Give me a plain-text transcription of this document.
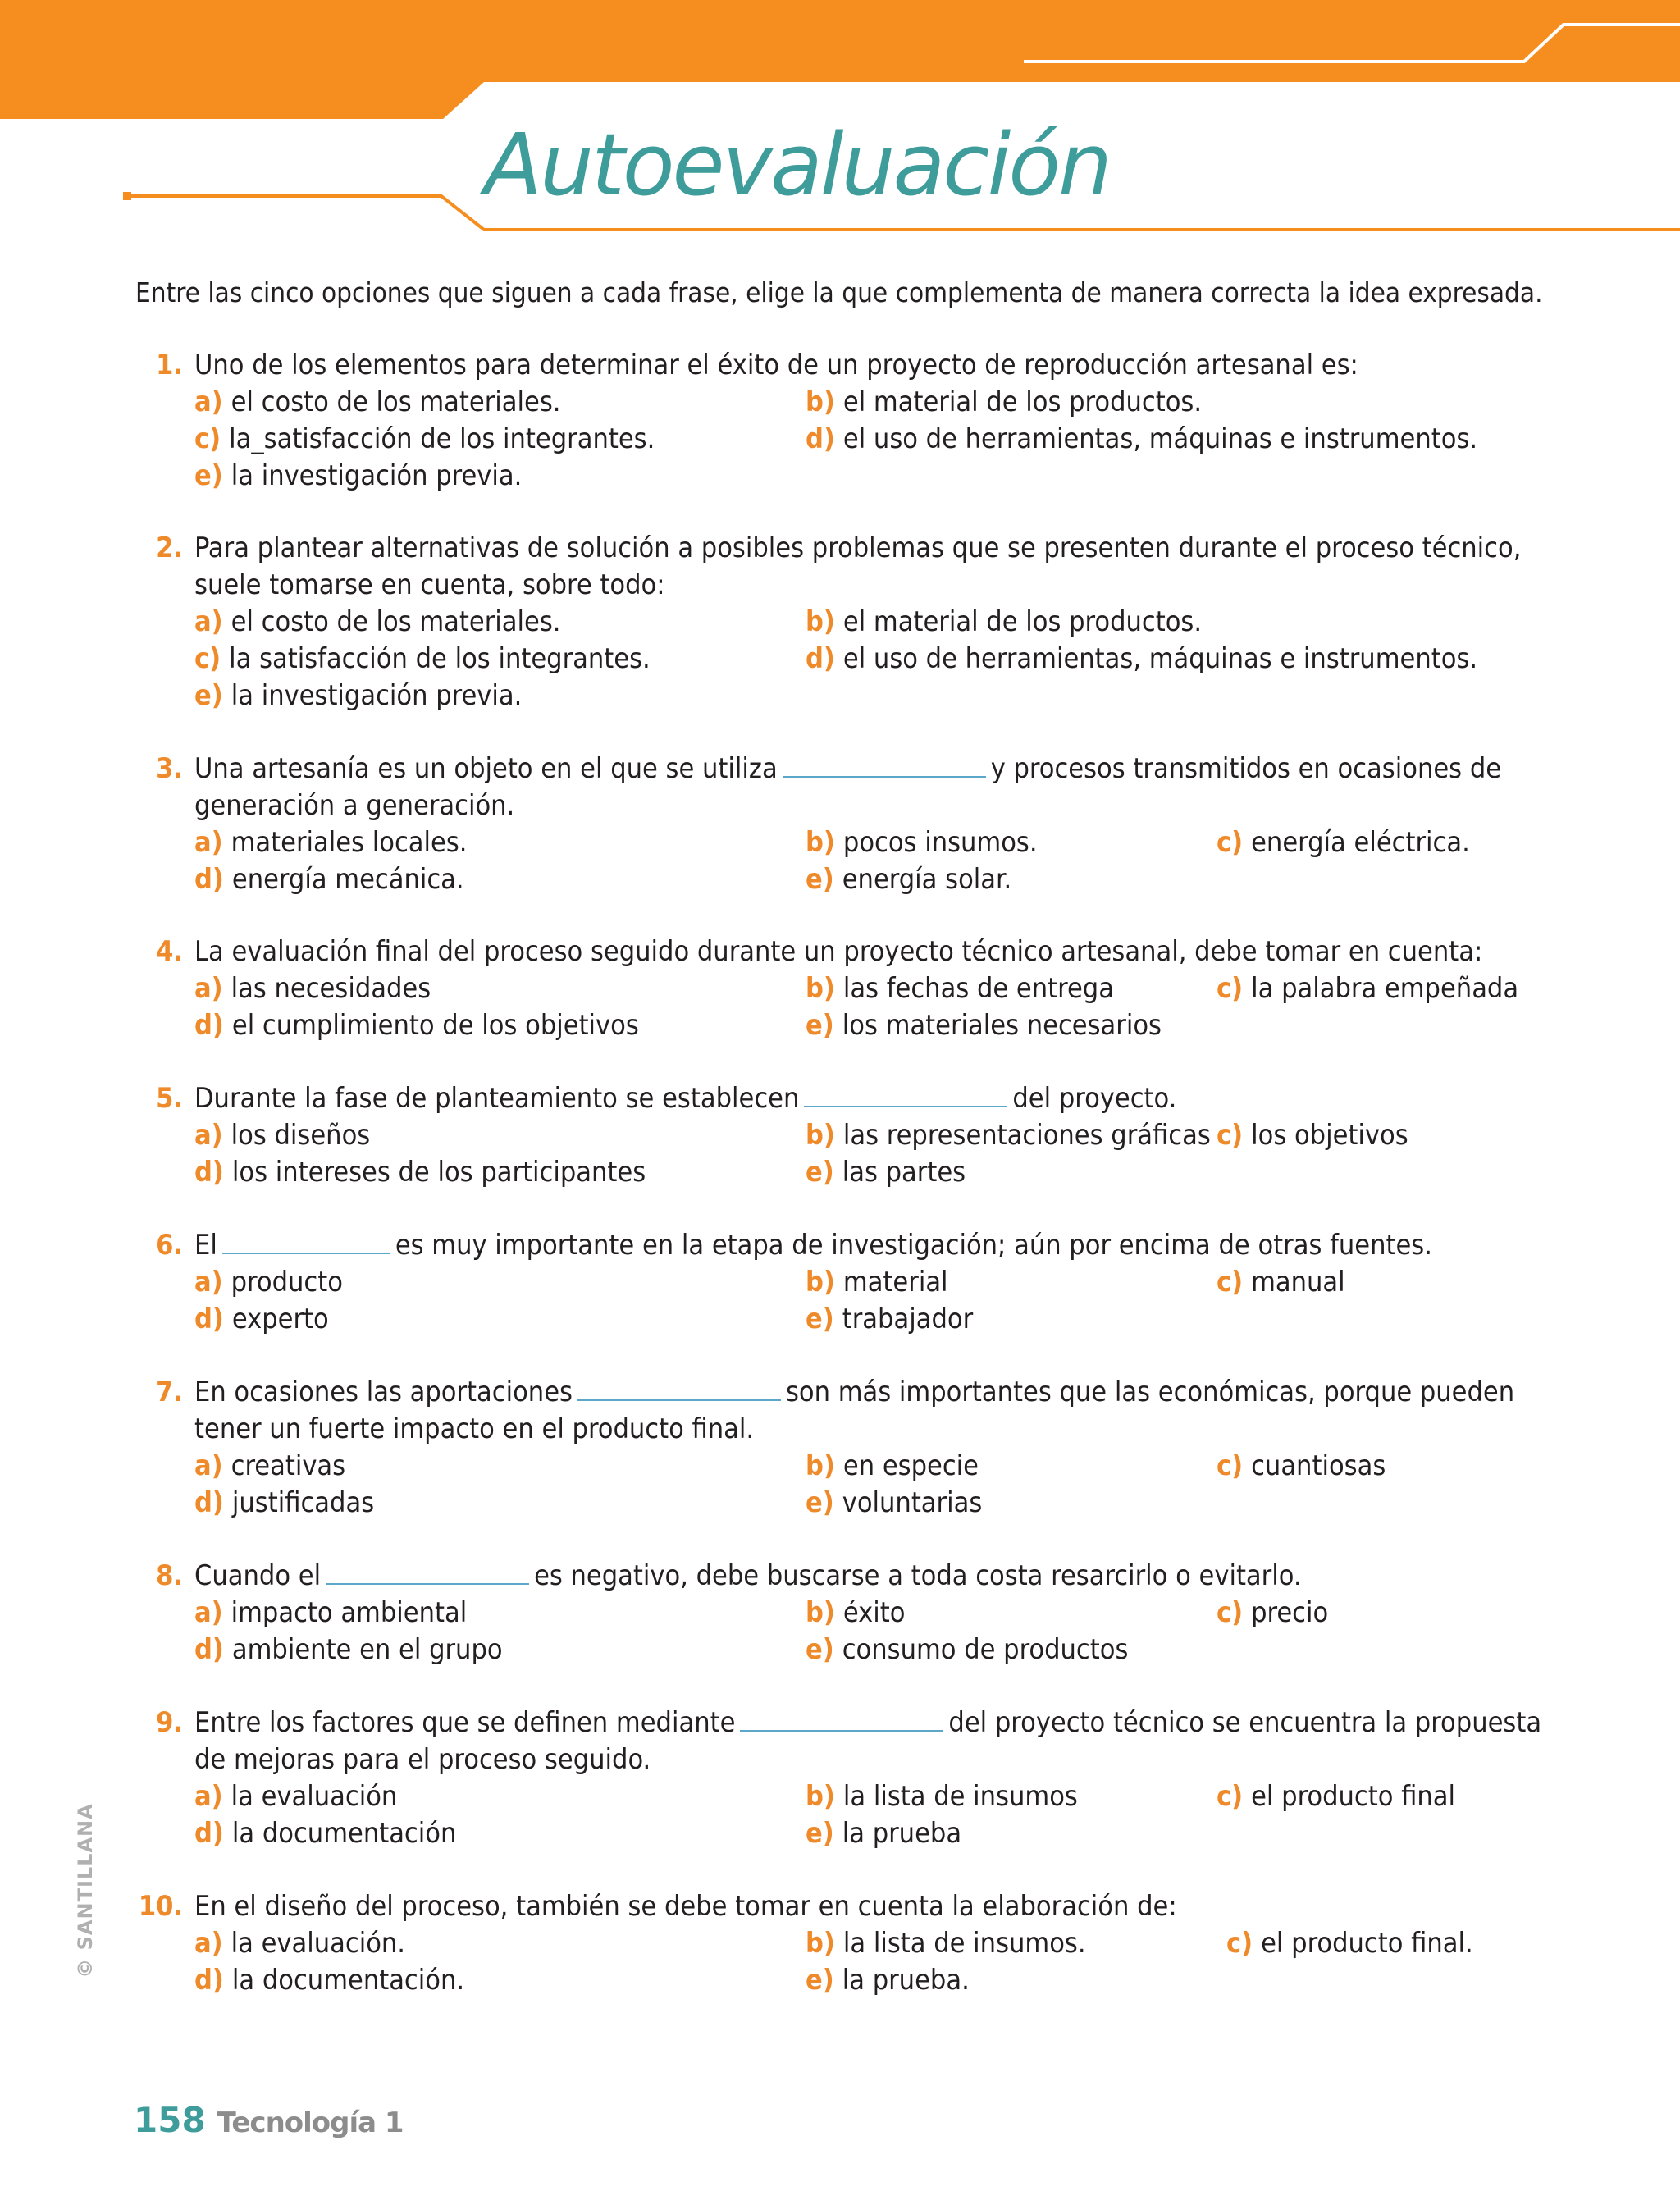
Autoevaluación

Entre las cinco opciones que siguen a cada frase, elige la que complementa de manera correcta la idea expresada.

1. Uno de los elementos para determinar el éxito de un proyecto de reproducción artesanal es:
a) el costo de los materiales.	b) el material de los productos.
c) la_satisfacción de los integrantes.	d) el uso de herramientas, máquinas e instrumentos.
e) la investigación previa.
2. Para plantear alternativas de solución a posibles problemas que se presenten durante el proceso técnico,
suele tomarse en cuenta, sobre todo:
a) el costo de los materiales.	b) el material de los productos.
c) la satisfacción de los integrantes.	d) el uso de herramientas, máquinas e instrumentos.
e) la investigación previa.
3. Una artesanía es un objeto en el que se utiliza	y procesos transmitidos en ocasiones de
generación a generación.
a) materiales locales.	b) pocos insumos.	c) energía eléctrica.
d) energía mecánica.	e) energía solar.
4. La evaluación final del proceso seguido durante un proyecto técnico artesanal, debe tomar en cuenta:
a) las necesidades	b) las fechas de entrega	c) la palabra empeñada
d) el cumplimiento de los objetivos	e) los materiales necesarios
5. Durante la fase de planteamiento se establecen	del proyecto.
a) los diseños	b) las representaciones gráficas c) los objetivos
d) los intereses de los participantes	e) las partes
6. El	es muy importante en la etapa de investigación; aún por encima de otras fuentes.
a) producto	b) material	c) manual
d) experto	e) trabajador
7. En ocasiones las aportaciones	son más importantes que las económicas, porque pueden
tener un fuerte impacto en el producto final.
a) creativas	b) en especie	c) cuantiosas
d) justificadas	e) voluntarias
8. Cuando el	es negativo, debe buscarse a toda costa resarcirlo o evitarlo.
a) impacto ambiental	b) éxito	c) precio
d) ambiente en el grupo	e) consumo de productos
9. Entre los factores que se definen mediante	del proyecto técnico se encuentra la propuesta
de mejoras para el proceso seguido.
a) la evaluación	b) la lista de insumos	c) el producto final
d) la documentación	e) la prueba
10. En el diseño del proceso, también se debe tomar en cuenta la elaboración de:
a) la evaluación.	b) la lista de insumos.	c) el producto final.
d) la documentación.	e) la prueba.
© SANTILLANA
158 Tecnología 1
